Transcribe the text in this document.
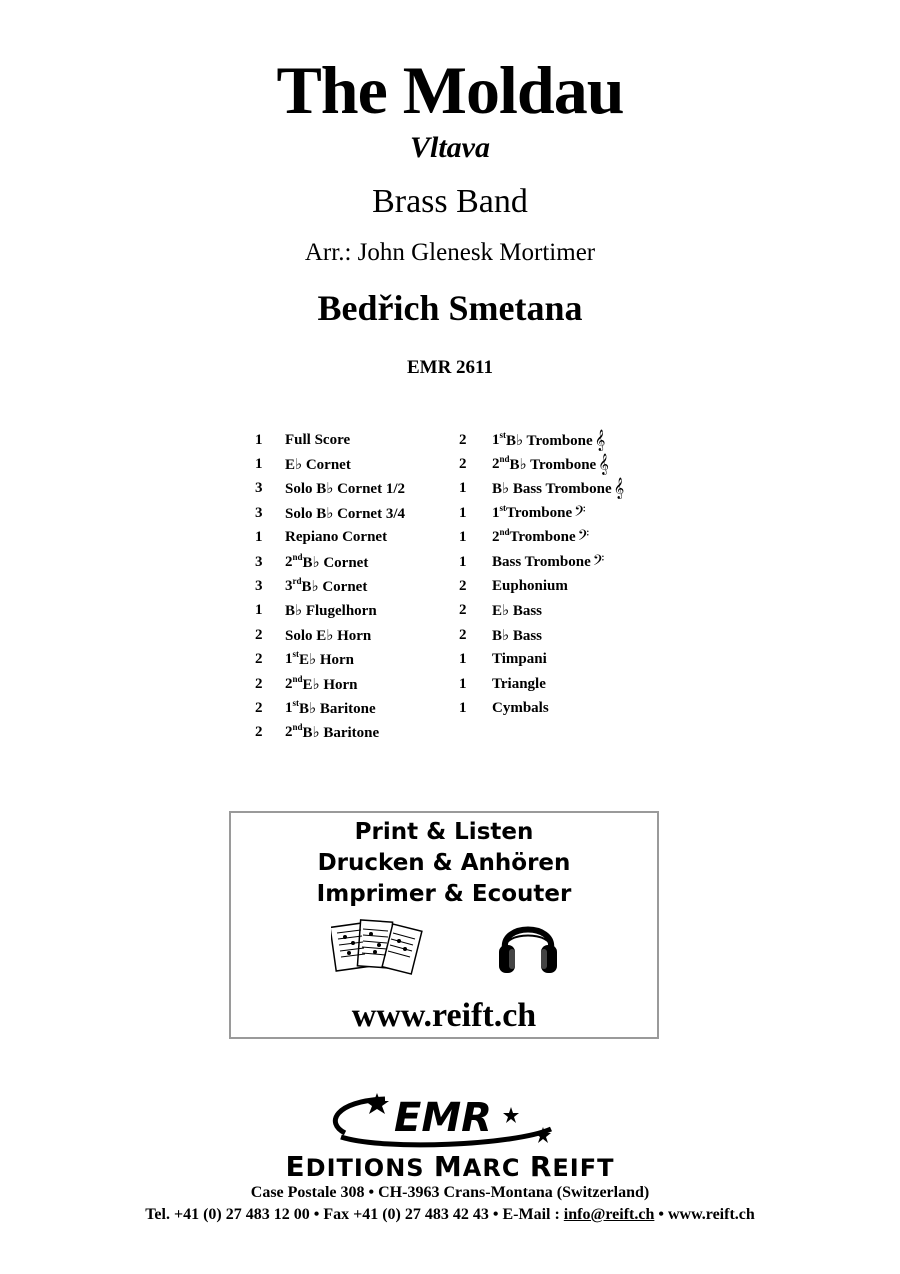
The Moldau
Vltava
Brass Band
Arr.: John Glenesk Mortimer
Bedřich Smetana
EMR 2611
1	Full Score
1	E♭ Cornet
3	Solo B♭ Cornet 1/2
3	Solo B♭ Cornet 3/4
1	Repiano Cornet
3	2nd B♭ Cornet
3	3rd B♭ Cornet
1	B♭ Flugelhorn
2	Solo E♭ Horn
2	1st E♭ Horn
2	2nd E♭ Horn
2	1st B♭ Baritone
2	2nd B♭ Baritone
2	1st B♭ Trombone 𝄞
2	2nd B♭ Trombone 𝄞
1	B♭ Bass Trombone 𝄞
1	1st Trombone 𝄢
1	2nd Trombone 𝄢
1	Bass Trombone 𝄢
2	Euphonium
2	E♭ Bass
2	B♭ Bass
1	Timpani
1	Triangle
1	Cymbals
Print & Listen
Drucken & Anhören
Imprimer & Ecouter
www.reift.ch
EMR
EDITIONS MARC REIFT
Case Postale 308 • CH-3963 Crans-Montana (Switzerland)
Tel. +41 (0) 27 483 12 00 • Fax +41 (0) 27 483 42 43 • E-Mail : info@reift.ch • www.reift.ch
